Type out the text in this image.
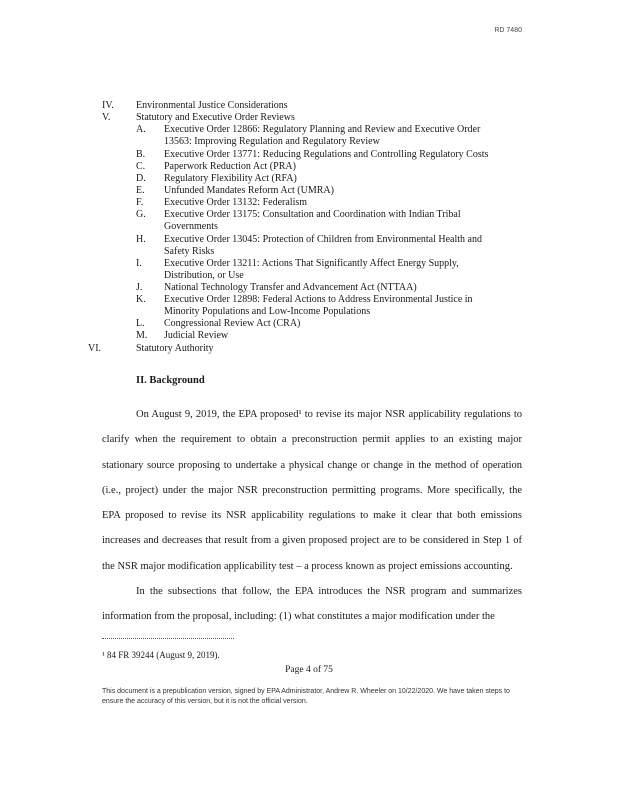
RD 7480
II. Background

On August 9, 2019, the EPA proposed¹ to revise its major NSR applicability regulations to clarify when the requirement to obtain a preconstruction permit applies to an existing major stationary source proposing to undertake a physical change or change in the method of operation (i.e., project) under the major NSR preconstruction permitting programs. More specifically, the EPA proposed to revise its NSR applicability regulations to make it clear that both emissions increases and decreases that result from a given proposed project are to be considered in Step 1 of the NSR major modification applicability test – a process known as project emissions accounting.

In the subsections that follow, the EPA introduces the NSR program and summarizes information from the proposal, including: (1) what constitutes a major modification under the

¹ 84 FR 39244 (August 9, 2019).
Page 4 of 75
This document is a prepublication version, signed by EPA Administrator, Andrew R. Wheeler on 10/22/2020. We have taken steps to ensure the accuracy of this version, but it is not the official version.
IV. Environmental Justice Considerations
V.	Statutory and Executive Order Reviews
A. Executive Order 12866: Regulatory Planning and Review and Executive Order
13563: Improving Regulation and Regulatory Review
B. Executive Order 13771: Reducing Regulations and Controlling Regulatory Costs
C. Paperwork Reduction Act (PRA)
D. Regulatory Flexibility Act (RFA)
E. Unfunded Mandates Reform Act (UMRA)
F. Executive Order 13132: Federalism
G. Executive Order 13175: Consultation and Coordination with Indian Tribal
Governments
H. Executive Order 13045: Protection of Children from Environmental Health and
Safety Risks
I. Executive Order 13211: Actions That Significantly Affect Energy Supply,
Distribution, or Use
J. National Technology Transfer and Advancement Act (NTTAA)
K. Executive Order 12898: Federal Actions to Address Environmental Justice in
Minority Populations and Low-Income Populations
L. Congressional Review Act (CRA)
M. Judicial Review
VI.	Statutory Authority
